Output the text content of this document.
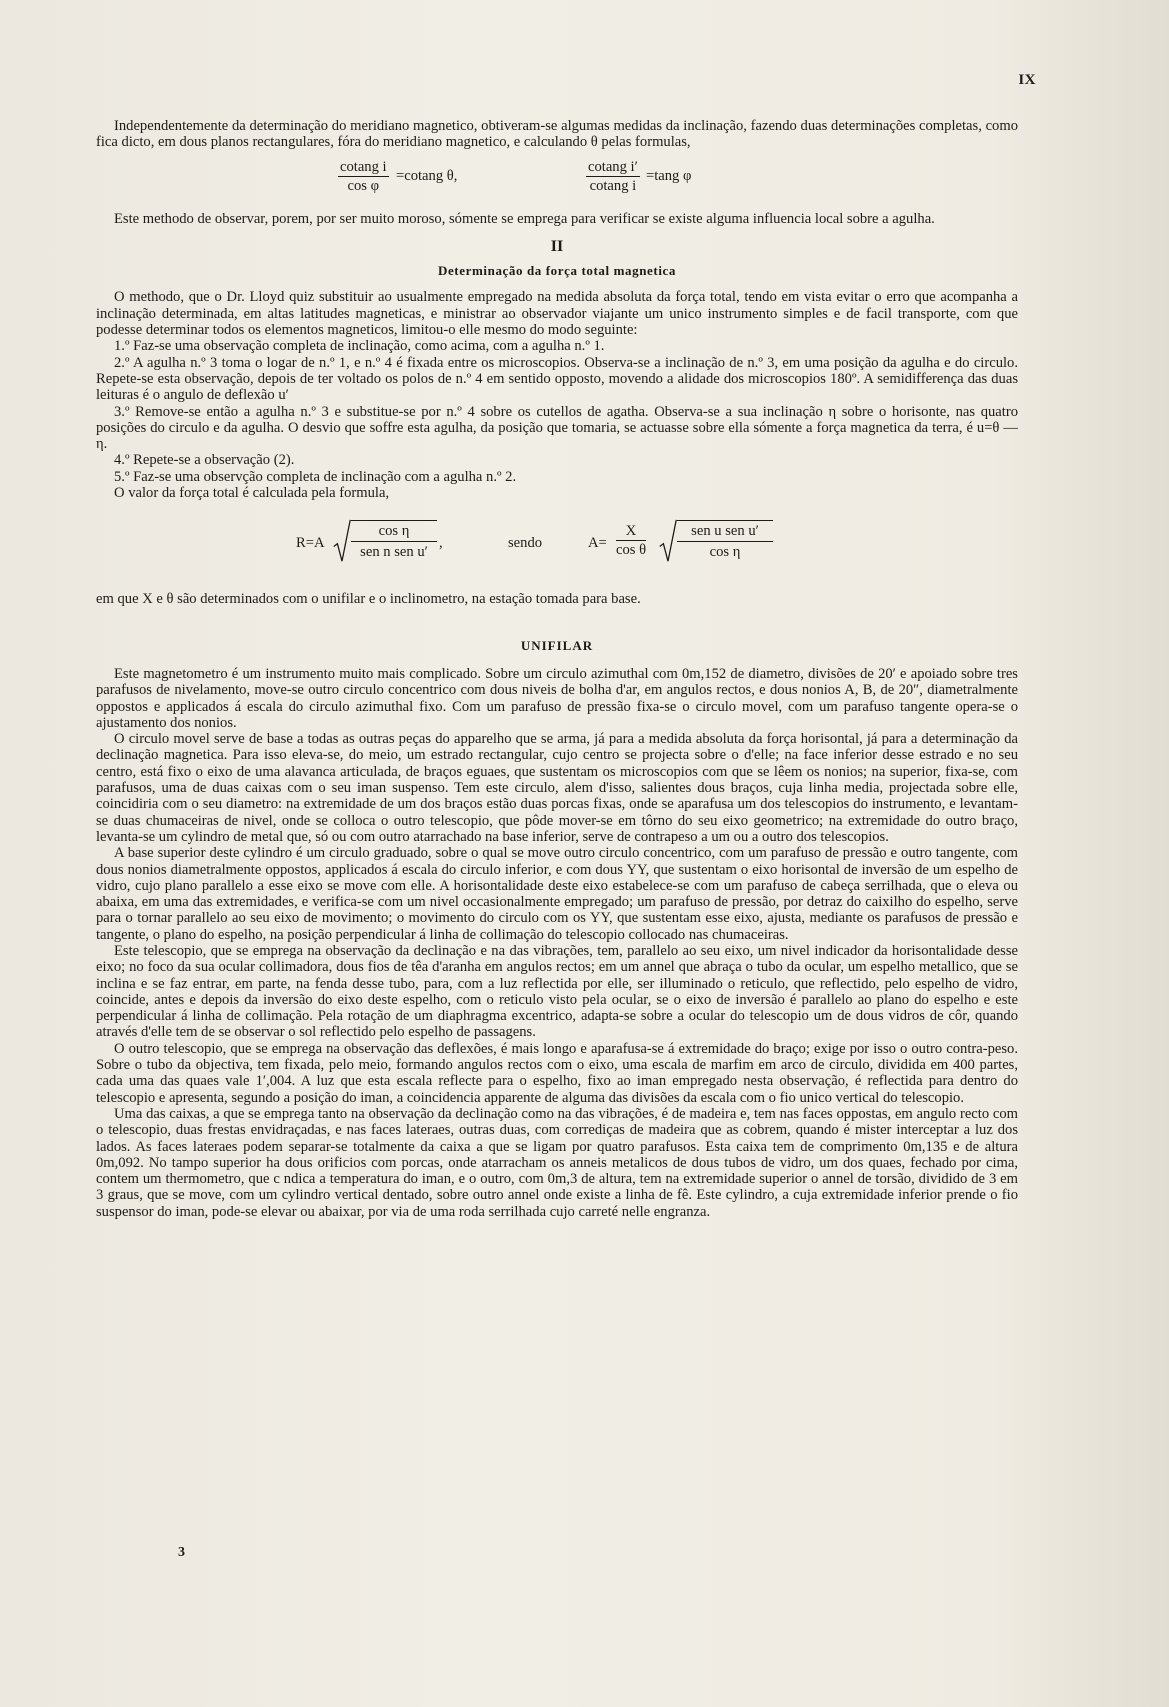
IX

Independentemente da determinação do meridiano magnetico, obtiveram-se algumas medidas da inclinação, fazendo duas determinações completas, como fica dicto, em dous planos rectangulares, fóra do meridiano magnetico, e calculando θ pelas formulas,

cotang i
cos φ
=cotang θ,
cotang i′
cotang i
=tang φ

Este methodo de observar, porem, por ser muito moroso, sómente se emprega para verificar se existe alguma influencia local sobre a agulha.

II
Determinação da força total magnetica

O methodo, que o Dr. Lloyd quiz substituir ao usualmente empregado na medida absoluta da força total, tendo em vista evitar o erro que acompanha a inclinação determinada, em altas latitudes magneticas, e ministrar ao observador viajante um unico instrumento simples e de facil transporte, com que podesse determinar todos os elementos magneticos, limitou-o elle mesmo do modo seguinte:

1.º Faz-se uma observação completa de inclinação, como acima, com a agulha n.º 1.

2.º A agulha n.º 3 toma o logar de n.º 1, e n.º 4 é fixada entre os microscopios. Observa-se a inclinação de n.º 3, em uma posição da agulha e do circulo. Repete-se esta observação, depois de ter voltado os polos de n.º 4 em sentido opposto, movendo a alidade dos microscopios 180º. A semidifferença das duas leituras é o angulo de deflexão u′

3.º Remove-se então a agulha n.º 3 e substitue-se por n.º 4 sobre os cutellos de agatha. Observa-se a sua inclinação η sobre o horisonte, nas quatro posições do circulo e da agulha. O desvio que soffre esta agulha, da posição que tomaria, se actuasse sobre ella sómente a força magnetica da terra, é u=θ —η.

4.º Repete-se a observação (2).

5.º Faz-se uma observção completa de inclinação com a agulha n.º 2.

O valor da força total é calculada pela formula,

R=A
cos η
sen n sen u′
,	sendo	$A= \frac{X}{\text{cos θ}}$	sen u sen u′
cos η

em que X e θ são determinados com o unifilar e o inclinometro, na estação tomada para base.

UNIFILAR

Este magnetometro é um instrumento muito mais complicado. Sobre um circulo azimuthal com 0m,152 de diametro, divisões de 20′ e apoiado sobre tres parafusos de nivelamento, move-se outro circulo concentrico com dous niveis de bolha d'ar, em angulos rectos, e dous nonios A, B, de 20″, diametralmente oppostos e applicados á escala do circulo azimuthal fixo. Com um parafuso de pressão fixa-se o circulo movel, com um parafuso tangente opera-se o ajustamento dos nonios.

O circulo movel serve de base a todas as outras peças do apparelho que se arma, já para a medida absoluta da força horisontal, já para a determinação da declinação magnetica. Para isso eleva-se, do meio, um estrado rectangular, cujo centro se projecta sobre o d'elle; na face inferior desse estrado e no seu centro, está fixo o eixo de uma alavanca articulada, de braços eguaes, que sustentam os microscopios com que se lêem os nonios; na superior, fixa-se, com parafusos, uma de duas caixas com o seu iman suspenso. Tem este circulo, alem d'isso, salientes dous braços, cuja linha media, projectada sobre elle, coincidiria com o seu diametro: na extremidade de um dos braços estão duas porcas fixas, onde se aparafusa um dos telescopios do instrumento, e levantam-se duas chumaceiras de nivel, onde se colloca o outro telescopio, que pôde mover-se em tôrno do seu eixo geometrico; na extremidade do outro braço, levanta-se um cylindro de metal que, só ou com outro atarrachado na base inferior, serve de contrapeso a um ou a outro dos telescopios.

A base superior deste cylindro é um circulo graduado, sobre o qual se move outro circulo concentrico, com um parafuso de pressão e outro tangente, com dous nonios diametralmente oppostos, applicados á escala do circulo inferior, e com dous YY, que sustentam o eixo horisontal de inversão de um espelho de vidro, cujo plano parallelo a esse eixo se move com elle. A horisontalidade deste eixo estabelece-se com um parafuso de cabeça serrilhada, que o eleva ou abaixa, em uma das extremidades, e verifica-se com um nivel occasionalmente empregado; um parafuso de pressão, por detraz do caixilho do espelho, serve para o tornar parallelo ao seu eixo de movimento; o movimento do circulo com os YY, que sustentam esse eixo, ajusta, mediante os parafusos de pressão e tangente, o plano do espelho, na posição perpendicular á linha de collimação do telescopio collocado nas chumaceiras.

Este telescopio, que se emprega na observação da declinação e na das vibrações, tem, parallelo ao seu eixo, um nivel indicador da horisontalidade desse eixo; no foco da sua ocular collimadora, dous fios de têa d'aranha em angulos rectos; em um annel que abraça o tubo da ocular, um espelho metallico, que se inclina e se faz entrar, em parte, na fenda desse tubo, para, com a luz reflectida por elle, ser illuminado o reticulo, que reflectido, pelo espelho de vidro, coincide, antes e depois da inversão do eixo deste espelho, com o reticulo visto pela ocular, se o eixo de inversão é parallelo ao plano do espelho e este perpendicular á linha de collimação. Pela rotação de um diaphragma excentrico, adapta-se sobre a ocular do telescopio um de dous vidros de côr, quando através d'elle tem de se observar o sol reflectido pelo espelho de passagens.

O outro telescopio, que se emprega na observação das deflexões, é mais longo e aparafusa-se á extremidade do braço; exige por isso o outro contra-peso. Sobre o tubo da objectiva, tem fixada, pelo meio, formando angulos rectos com o eixo, uma escala de marfim em arco de circulo, dividida em 400 partes, cada uma das quaes vale 1′,004. A luz que esta escala reflecte para o espelho, fixo ao iman empregado nesta observação, é reflectida para dentro do telescopio e apresenta, segundo a posição do iman, a coincidencia apparente de alguma das divisões da escala com o fio unico vertical do telescopio.

Uma das caixas, a que se emprega tanto na observação da declinação como na das vibrações, é de madeira e, tem nas faces oppostas, em angulo recto com o telescopio, duas frestas envidraçadas, e nas faces lateraes, outras duas, com corrediças de madeira que as cobrem, quando é mister interceptar a luz dos lados. As faces lateraes podem separar-se totalmente da caixa a que se ligam por quatro parafusos. Esta caixa tem de comprimento 0m,135 e de altura 0m,092. No tampo superior ha dous orificios com porcas, onde atarracham os anneis metalicos de dous tubos de vidro, um dos quaes, fechado por cima, contem um thermometro, que c ndica a temperatura do iman, e o outro, com 0m,3 de altura, tem na extremidade superior o annel de torsão, dividido de 3 em 3 graus, que se move, com um cylindro vertical dentado, sobre outro annel onde existe a linha de fê. Este cylindro, a cuja extremidade inferior prende o fio suspensor do iman, pode-se elevar ou abaixar, por via de uma roda serrilhada cujo carreté nelle engranza.

3
